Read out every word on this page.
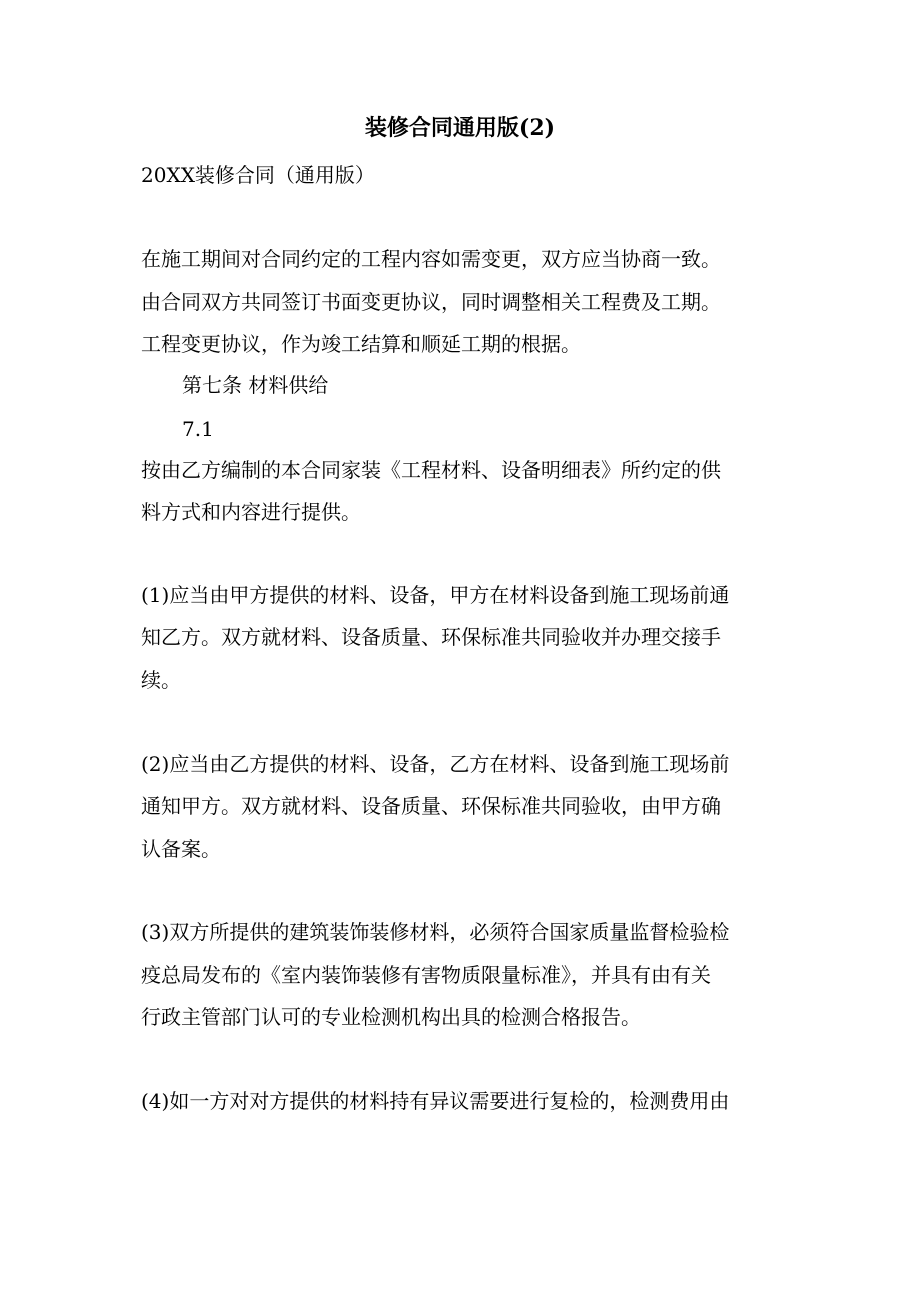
装修合同通用版(2)
20XX装修合同（通用版）
在施工期间对合同约定的工程内容如需变更，双方应当协商一致。
由合同双方共同签订书面变更协议，同时调整相关工程费及工期。
工程变更协议，作为竣工结算和顺延工期的根据。
第七条 材料供给
7.1
按由乙方编制的本合同家装《工程材料、设备明细表》所约定的供
料方式和内容进行提供。
(1)应当由甲方提供的材料、设备，甲方在材料设备到施工现场前通
知乙方。双方就材料、设备质量、环保标准共同验收并办理交接手
续。
(2)应当由乙方提供的材料、设备，乙方在材料、设备到施工现场前
通知甲方。双方就材料、设备质量、环保标准共同验收，由甲方确
认备案。
(3)双方所提供的建筑装饰装修材料，必须符合国家质量监督检验检
疫总局发布的《室内装饰装修有害物质限量标准》，并具有由有关
行政主管部门认可的专业检测机构出具的检测合格报告。
(4)如一方对对方提供的材料持有异议需要进行复检的，检测费用由
